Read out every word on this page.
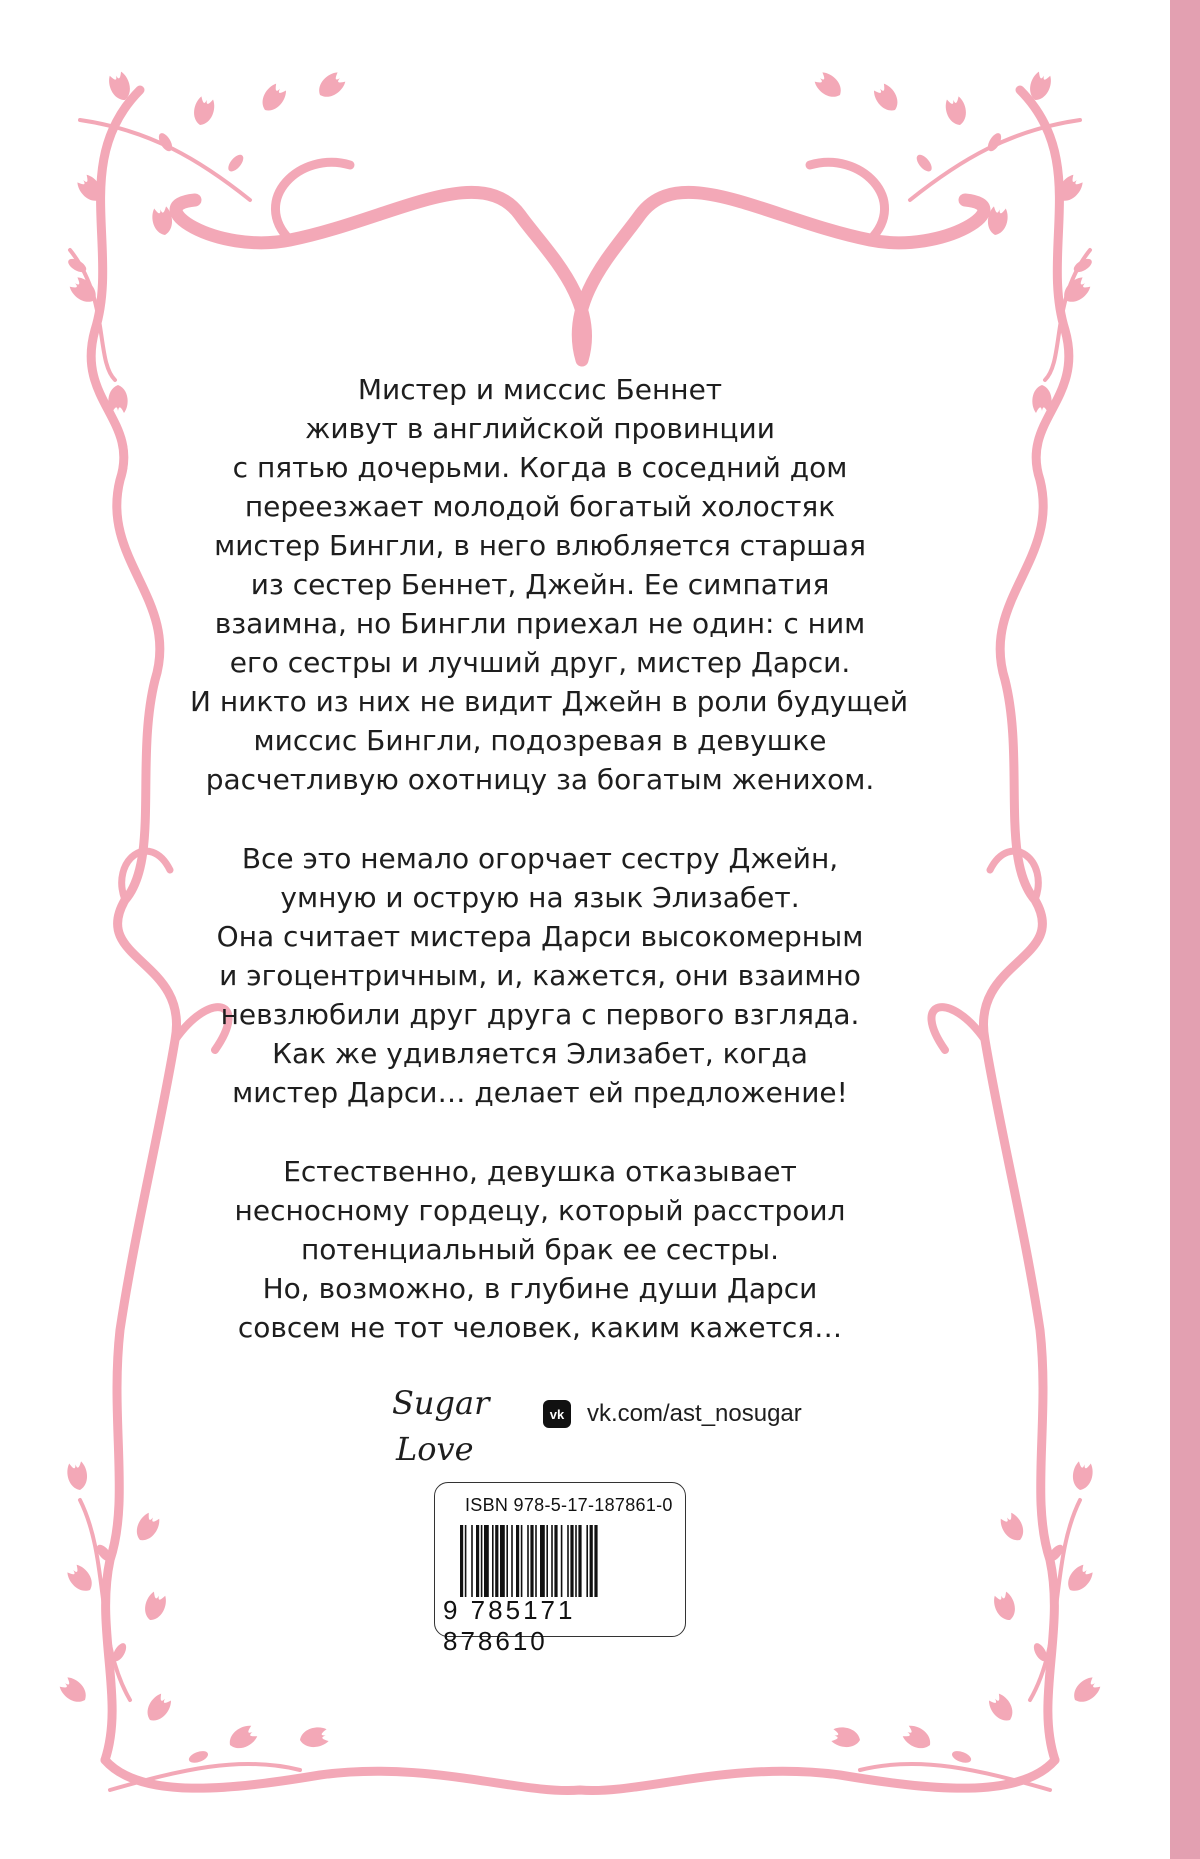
Мистер и миссис Беннет
живут в английской провинции
с пятью дочерьми. Когда в соседний дом
переезжает молодой богатый холостяк
мистер Бингли, в него влюбляется старшая
из сестер Беннет, Джейн. Ее симпатия
взаимна, но Бингли приехал не один: с ним
его сестры и лучший друг, мистер Дарси.
И никто из них не видит Джейн в роли будущей
миссис Бингли, подозревая в девушке
расчетливую охотницу за богатым женихом.

Все это немало огорчает сестру Джейн,
умную и острую на язык Элизабет.
Она считает мистера Дарси высокомерным
и эгоцентричным, и, кажется, они взаимно
невзлюбили друг друга с первого взгляда.
Как же удивляется Элизабет, когда
мистер Дарси… делает ей предложение!

Естественно, девушка отказывает
несносному гордецу, который расстроил
потенциальный брак ее сестры.
Но, возможно, в глубине души Дарси
совсем не тот человек, каким кажется…

Sugar
Love
vk vk.com/ast_nosugar
ISBN 978-5-17-187861-0
9 785171 878610
